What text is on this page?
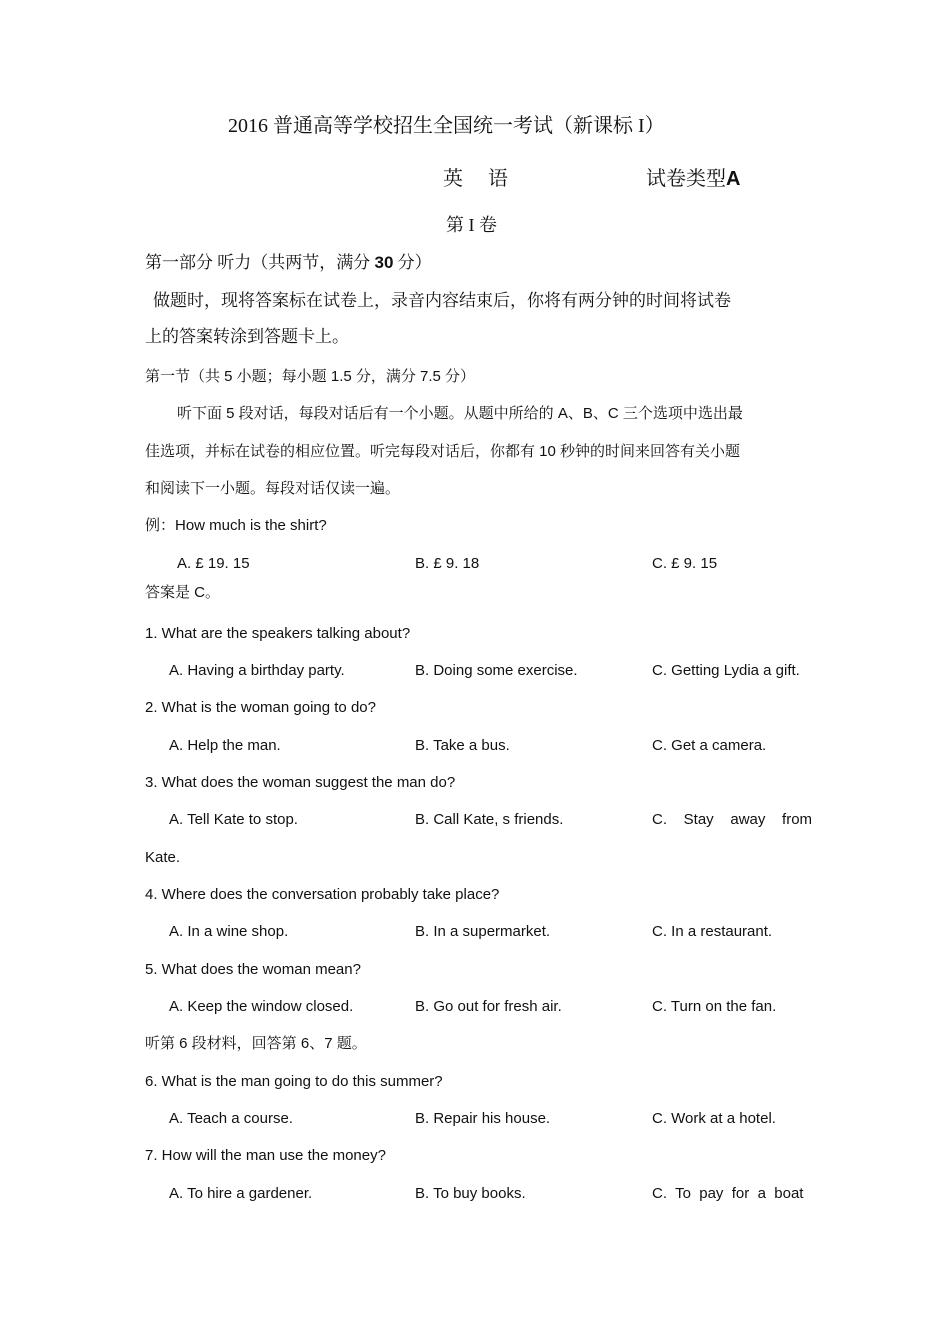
2016 普通高等学校招生全国统一考试（新课标 I）
英 语	试卷类型A
第 I 卷
第一部分 听力（共两节，满分 30 分）
做题时，现将答案标在试卷上，录音内容结束后，你将有两分钟的时间将试卷
上的答案转涂到答题卡上。
第一节（共 5 小题；每小题 1.5 分，满分 7.5 分）
听下面 5 段对话，每段对话后有一个小题。从题中所给的 A、B、C 三个选项中选出最
佳选项，并标在试卷的相应位置。听完每段对话后，你都有 10 秒钟的时间来回答有关小题
和阅读下一小题。每段对话仅读一遍。
例：How much is the shirt?
A. £ 19. 15	B. £ 9. 18	C. £ 9. 15
答案是 C。
1. What are the speakers talking about?
A. Having a birthday party.	B. Doing some exercise.	C. Getting Lydia a gift.
2. What is the woman going to do?
A. Help the man.	B. Take a bus.	C. Get a camera.
3. What does the woman suggest the man do?
A. Tell Kate to stop.	B. Call Kate, s friends.	C.    Stay    away    from
Kate.
4. Where does the conversation probably take place?
A. In a wine shop.	B. In a supermarket.	C. In a restaurant.
5. What does the woman mean?
A. Keep the window closed.	B. Go out for fresh air.	C. Turn on the fan.
听第 6 段材料，回答第 6、7 题。
6. What is the man going to do this summer?
A. Teach a course.	B. Repair his house.	C. Work at a hotel.
7. How will the man use the money?
A. To hire a gardener.	B. To buy books.	C.  To  pay  for  a  boat
